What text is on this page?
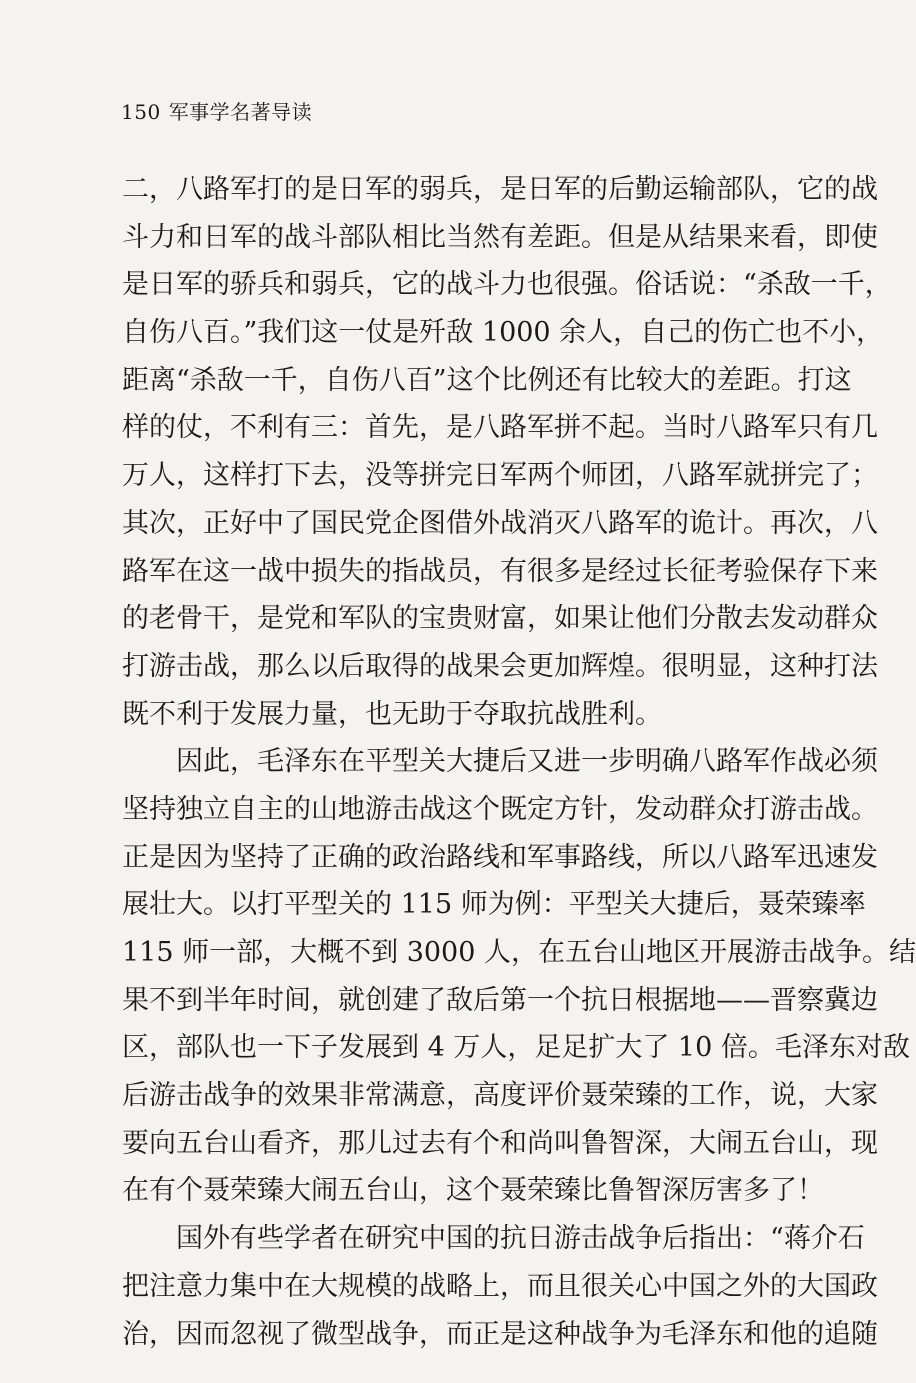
150 军事学名著导读
二，八路军打的是日军的弱兵，是日军的后勤运输部队，它的战
斗力和日军的战斗部队相比当然有差距。但是从结果来看，即使
是日军的骄兵和弱兵，它的战斗力也很强。俗话说：“杀敌一千，
自伤八百。”我们这一仗是歼敌 1000 余人，自己的伤亡也不小，
距离“杀敌一千，自伤八百”这个比例还有比较大的差距。打这
样的仗，不利有三：首先，是八路军拼不起。当时八路军只有几
万人，这样打下去，没等拼完日军两个师团，八路军就拼完了；
其次，正好中了国民党企图借外战消灭八路军的诡计。再次，八
路军在这一战中损失的指战员，有很多是经过长征考验保存下来
的老骨干，是党和军队的宝贵财富，如果让他们分散去发动群众
打游击战，那么以后取得的战果会更加辉煌。很明显，这种打法
既不利于发展力量，也无助于夺取抗战胜利。
因此，毛泽东在平型关大捷后又进一步明确八路军作战必须
坚持独立自主的山地游击战这个既定方针，发动群众打游击战。
正是因为坚持了正确的政治路线和军事路线，所以八路军迅速发
展壮大。以打平型关的 115 师为例：平型关大捷后，聂荣臻率
115 师一部，大概不到 3000 人，在五台山地区开展游击战争。结
果不到半年时间，就创建了敌后第一个抗日根据地——晋察冀边
区，部队也一下子发展到 4 万人，足足扩大了 10 倍。毛泽东对敌
后游击战争的效果非常满意，高度评价聂荣臻的工作，说，大家
要向五台山看齐，那儿过去有个和尚叫鲁智深，大闹五台山，现
在有个聂荣臻大闹五台山，这个聂荣臻比鲁智深厉害多了！
国外有些学者在研究中国的抗日游击战争后指出：“蒋介石
把注意力集中在大规模的战略上，而且很关心中国之外的大国政
治，因而忽视了微型战争，而正是这种战争为毛泽东和他的追随
